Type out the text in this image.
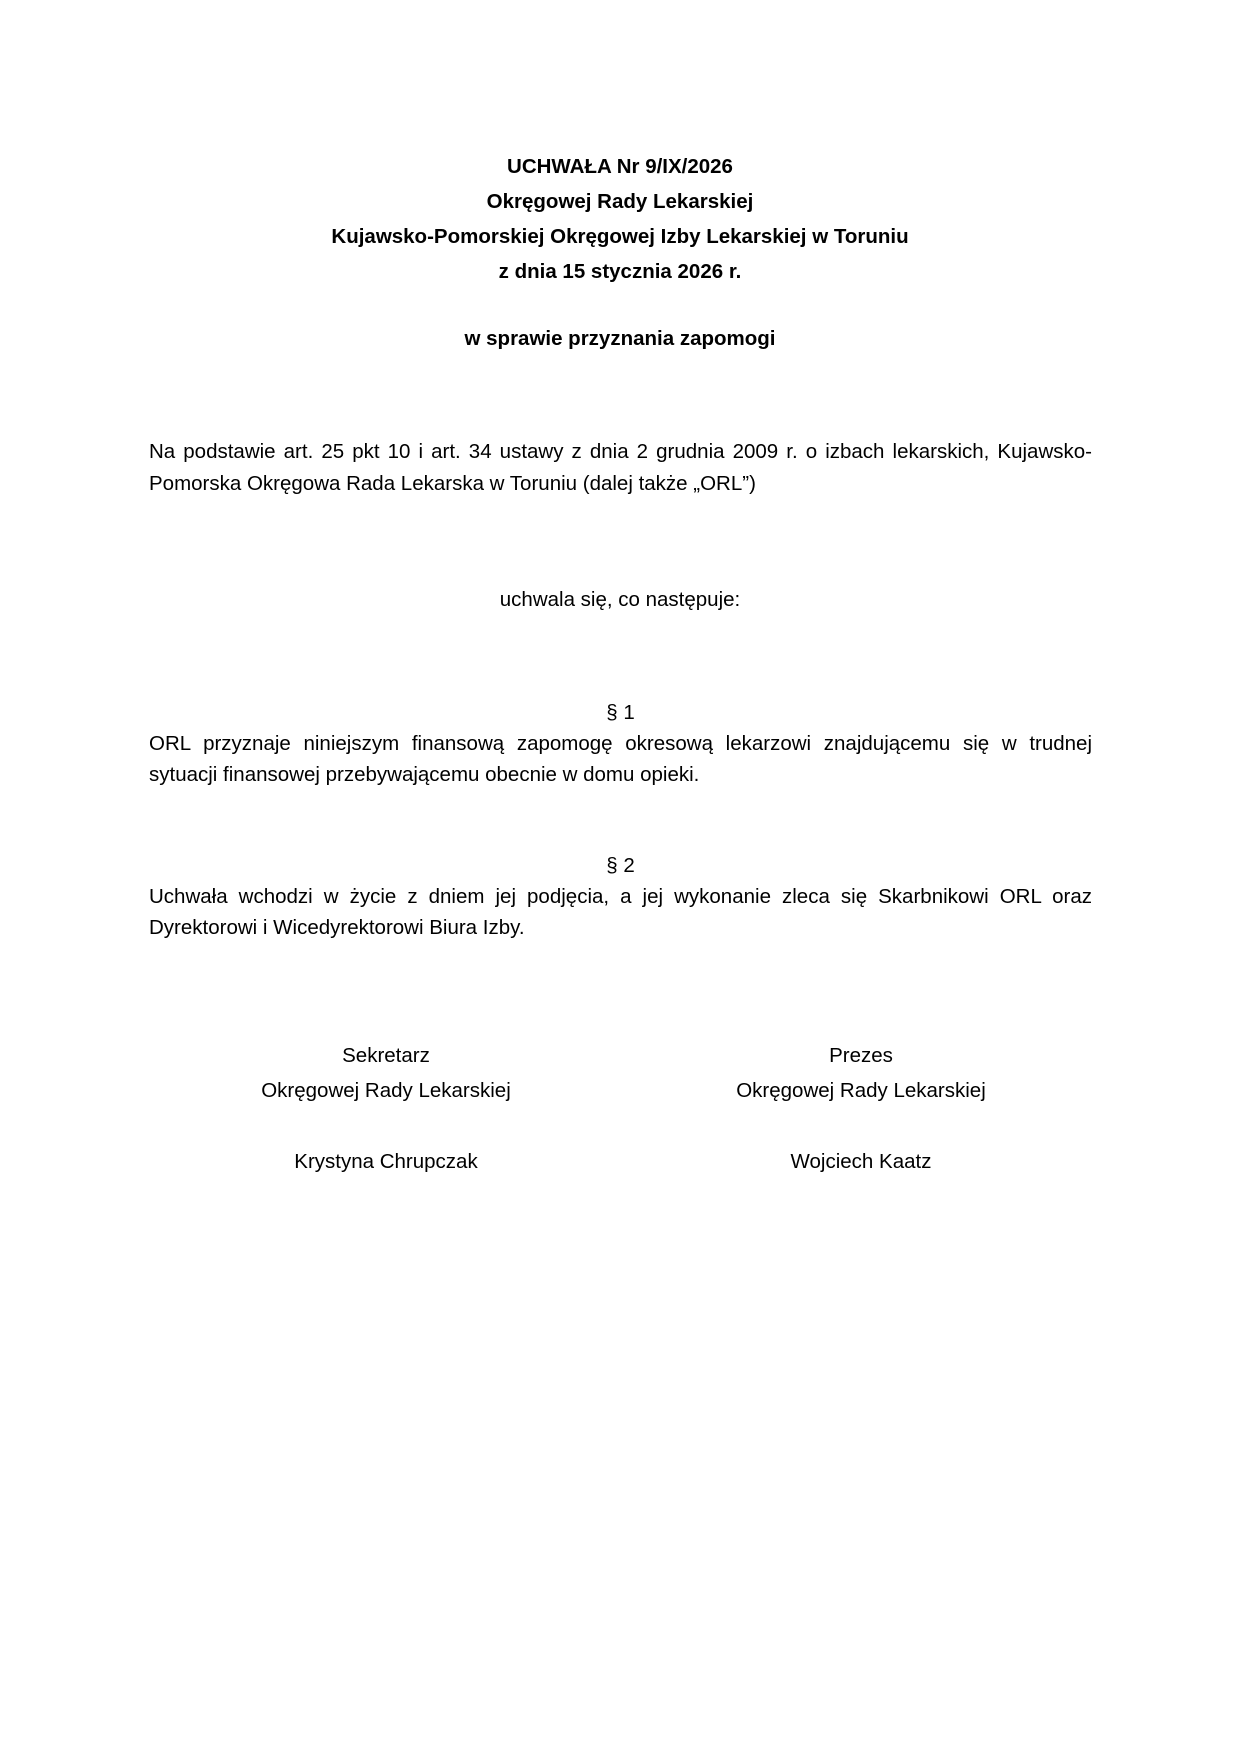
UCHWAŁA Nr 9/IX/2026
Okręgowej Rady Lekarskiej
Kujawsko-Pomorskiej Okręgowej Izby Lekarskiej w Toruniu
z dnia 15 stycznia 2026 r.
w sprawie przyznania zapomogi
Na podstawie art. 25 pkt 10 i art. 34 ustawy z dnia 2 grudnia 2009 r. o izbach lekarskich, Kujawsko-Pomorska Okręgowa Rada Lekarska w Toruniu (dalej także „ORL”)
uchwala się, co następuje:
§ 1
ORL przyznaje niniejszym finansową zapomogę okresową lekarzowi znajdującemu się w trudnej sytuacji finansowej przebywającemu obecnie w domu opieki.
§ 2
Uchwała wchodzi w życie z dniem jej podjęcia, a jej wykonanie zleca się Skarbnikowi ORL oraz Dyrektorowi i Wicedyrektorowi Biura Izby.
Sekretarz
Okręgowej Rady Lekarskiej
Krystyna Chrupczak
Prezes
Okręgowej Rady Lekarskiej
Wojciech Kaatz
